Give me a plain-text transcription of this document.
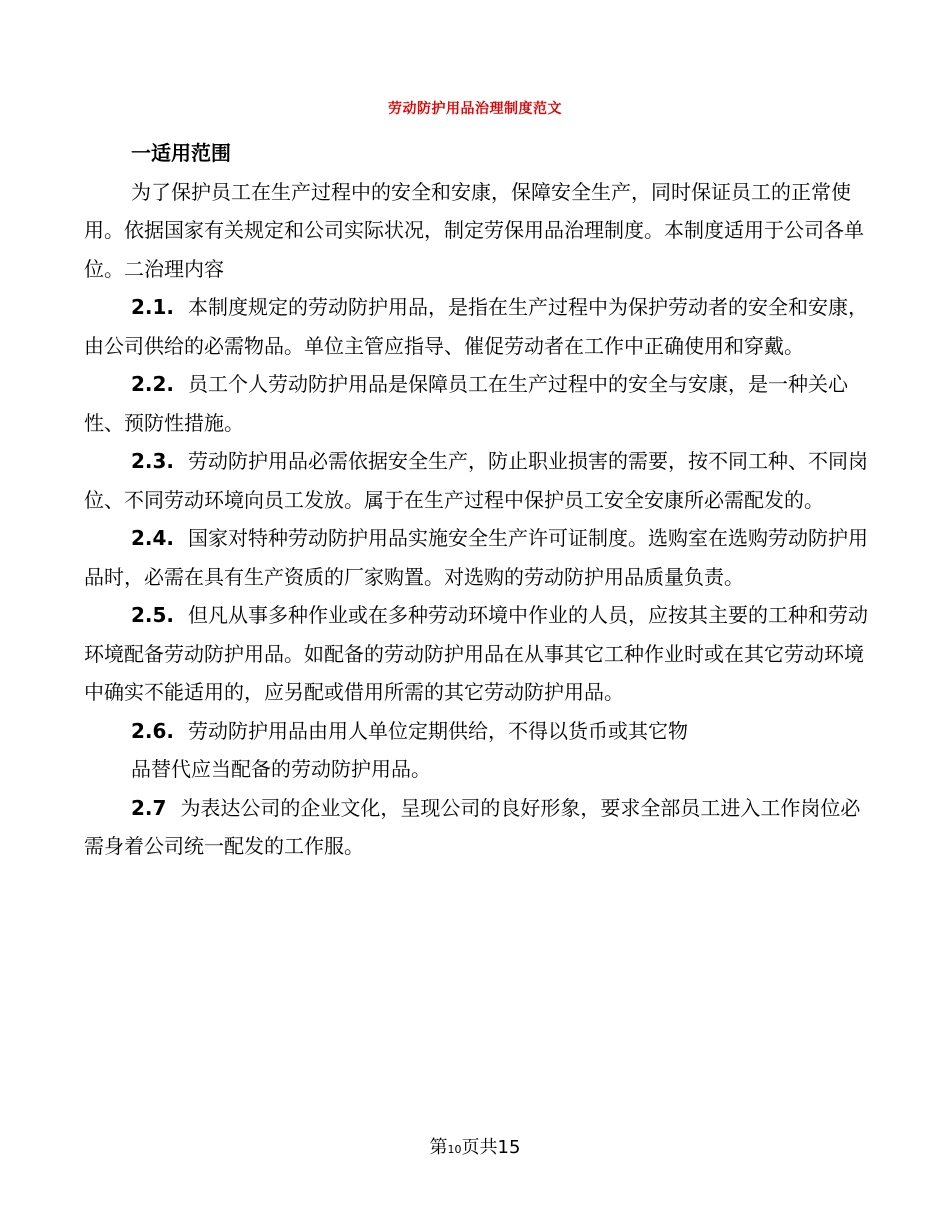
劳动防护用品治理制度范文
一适用范围

为了保护员工在生产过程中的安全和安康，保障安全生产，同时保证员工的正常使用。依据国家有关规定和公司实际状况，制定劳保用品治理制度。本制度适用于公司各单位。二治理内容

2.1. 本制度规定的劳动防护用品，是指在生产过程中为保护劳动者的安全和安康，由公司供给的必需物品。单位主管应指导、催促劳动者在工作中正确使用和穿戴。

2.2. 员工个人劳动防护用品是保障员工在生产过程中的安全与安康，是一种关心性、预防性措施。

2.3. 劳动防护用品必需依据安全生产，防止职业损害的需要，按不同工种、不同岗位、不同劳动环境向员工发放。属于在生产过程中保护员工安全安康所必需配发的。

2.4. 国家对特种劳动防护用品实施安全生产许可证制度。选购室在选购劳动防护用品时，必需在具有生产资质的厂家购置。对选购的劳动防护用品质量负责。

2.5. 但凡从事多种作业或在多种劳动环境中作业的人员，应按其主要的工种和劳动环境配备劳动防护用品。如配备的劳动防护用品在从事其它工种作业时或在其它劳动环境中确实不能适用的，应另配或借用所需的其它劳动防护用品。

2.6. 劳动防护用品由用人单位定期供给，不得以货币或其它物

品替代应当配备的劳动防护用品。

2.7 为表达公司的企业文化，呈现公司的良好形象，要求全部员工进入工作岗位必需身着公司统一配发的工作服。

第10页共15
